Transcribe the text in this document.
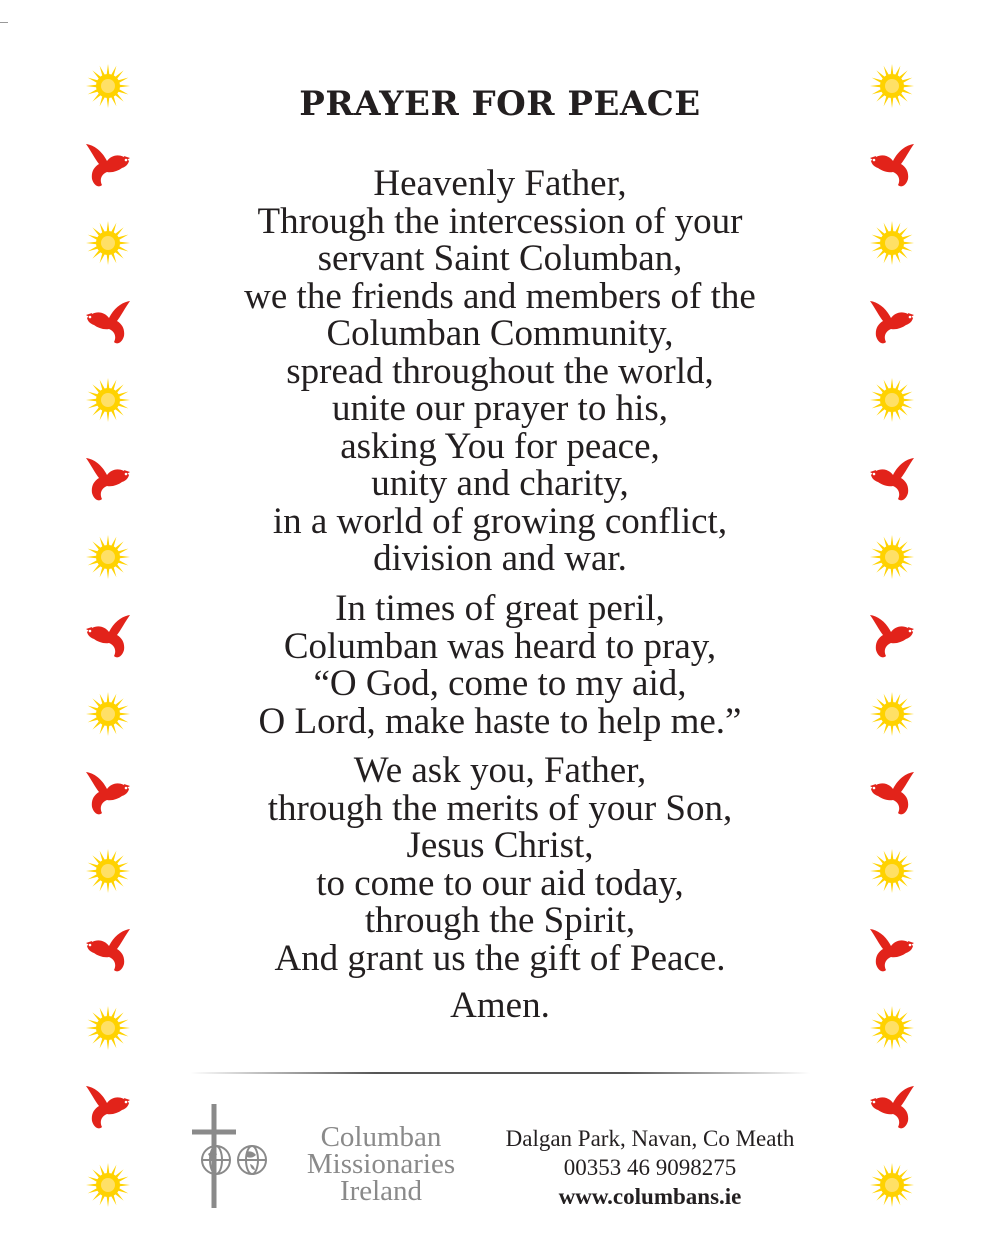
PRAYER FOR PEACE
Heavenly Father,
Through the intercession of your
servant Saint Columban,
we the friends and members of the
Columban Community,
spread throughout the world,
unite our prayer to his,
asking You for peace,
unity and charity,
in a world of growing conflict,
division and war.
In times of great peril,
Columban was heard to pray,
“O God, come to my aid,
O Lord, make haste to help me.”
We ask you, Father,
through the merits of your Son,
Jesus Christ,
to come to our aid today,
through the Spirit,
And grant us the gift of Peace.
Amen.
Columban
Missionaries
Ireland
Dalgan Park, Navan, Co Meath
00353 46 9098275
www.columbans.ie
